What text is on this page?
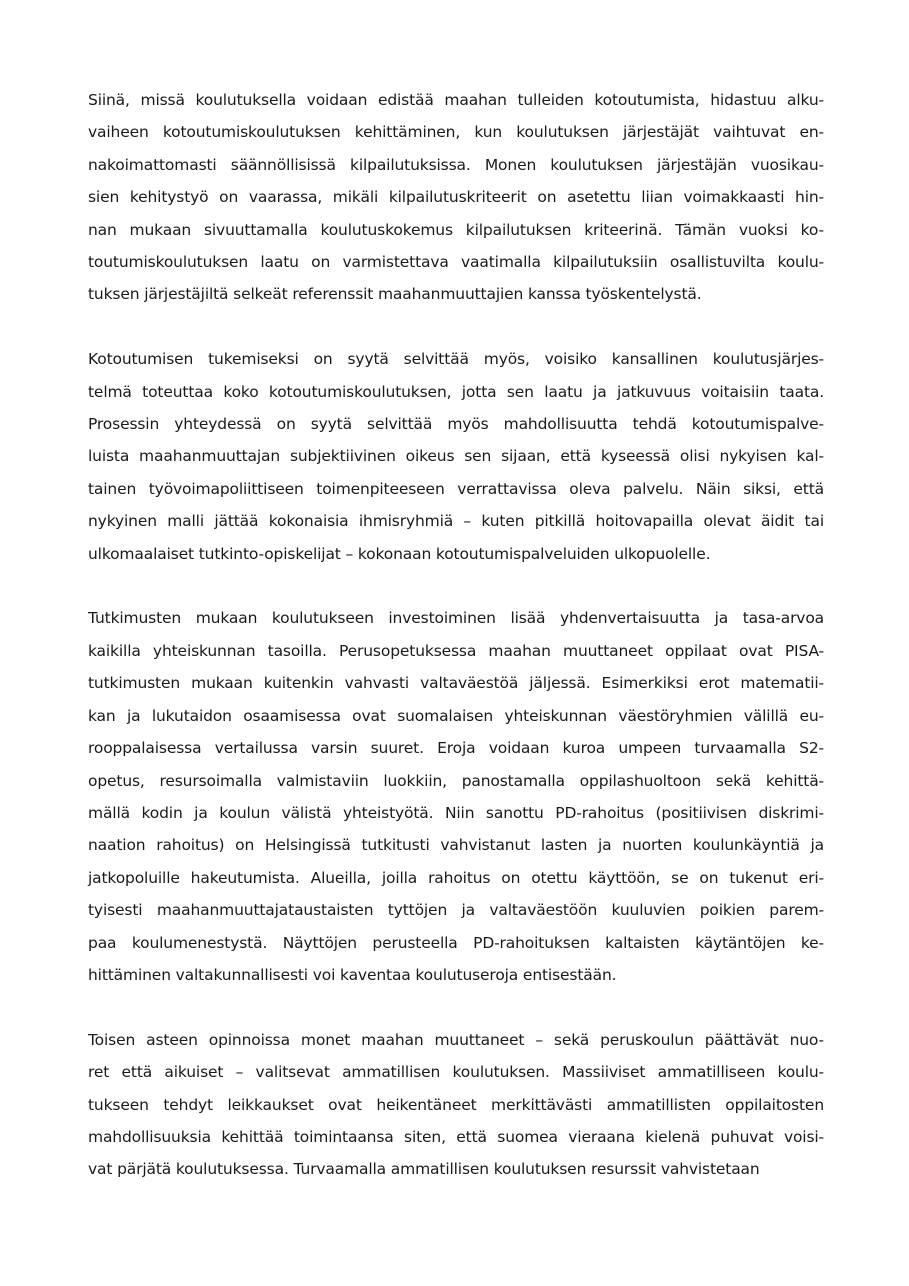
Siinä, missä koulutuksella voidaan edistää maahan tulleiden kotoutumista, hidastuu alku-
vaiheen kotoutumiskoulutuksen kehittäminen, kun koulutuksen järjestäjät vaihtuvat en-
nakoimattomasti säännöllisissä kilpailutuksissa. Monen koulutuksen järjestäjän vuosikau-
sien kehitystyö on vaarassa, mikäli kilpailutuskriteerit on asetettu liian voimakkaasti hin-
nan mukaan sivuuttamalla koulutuskokemus kilpailutuksen kriteerinä. Tämän vuoksi ko-
toutumiskoulutuksen laatu on varmistettava vaatimalla kilpailutuksiin osallistuvilta koulu-
tuksen järjestäjiltä selkeät referenssit maahanmuuttajien kanssa työskentelystä.
Kotoutumisen tukemiseksi on syytä selvittää myös, voisiko kansallinen koulutusjärjes-
telmä toteuttaa koko kotoutumiskoulutuksen, jotta sen laatu ja jatkuvuus voitaisiin taata.
Prosessin yhteydessä on syytä selvittää myös mahdollisuutta tehdä kotoutumispalve-
luista maahanmuuttajan subjektiivinen oikeus sen sijaan, että kyseessä olisi nykyisen kal-
tainen työvoimapoliittiseen toimenpiteeseen verrattavissa oleva palvelu. Näin siksi, että
nykyinen malli jättää kokonaisia ihmisryhmiä – kuten pitkillä hoitovapailla olevat äidit tai
ulkomaalaiset tutkinto-opiskelijat – kokonaan kotoutumispalveluiden ulkopuolelle.
Tutkimusten mukaan koulutukseen investoiminen lisää yhdenvertaisuutta ja tasa-arvoa
kaikilla yhteiskunnan tasoilla. Perusopetuksessa maahan muuttaneet oppilaat ovat PISA-
tutkimusten mukaan kuitenkin vahvasti valtaväestöä jäljessä. Esimerkiksi erot matematii-
kan ja lukutaidon osaamisessa ovat suomalaisen yhteiskunnan väestöryhmien välillä eu-
rooppalaisessa vertailussa varsin suuret. Eroja voidaan kuroa umpeen turvaamalla S2-
opetus, resursoimalla valmistaviin luokkiin, panostamalla oppilashuoltoon sekä kehittä-
mällä kodin ja koulun välistä yhteistyötä. Niin sanottu PD-rahoitus (positiivisen diskrimi-
naation rahoitus) on Helsingissä tutkitusti vahvistanut lasten ja nuorten koulunkäyntiä ja
jatkopoluille hakeutumista. Alueilla, joilla rahoitus on otettu käyttöön, se on tukenut eri-
tyisesti maahanmuuttajataustaisten tyttöjen ja valtaväestöön kuuluvien poikien parem-
paa koulumenestystä. Näyttöjen perusteella PD-rahoituksen kaltaisten käytäntöjen ke-
hittäminen valtakunnallisesti voi kaventaa koulutuseroja entisestään.
Toisen asteen opinnoissa monet maahan muuttaneet – sekä peruskoulun päättävät nuo-
ret että aikuiset – valitsevat ammatillisen koulutuksen. Massiiviset ammatilliseen koulu-
tukseen tehdyt leikkaukset ovat heikentäneet merkittävästi ammatillisten oppilaitosten
mahdollisuuksia kehittää toimintaansa siten, että suomea vieraana kielenä puhuvat voisi-
vat pärjätä koulutuksessa. Turvaamalla ammatillisen koulutuksen resurssit vahvistetaan
